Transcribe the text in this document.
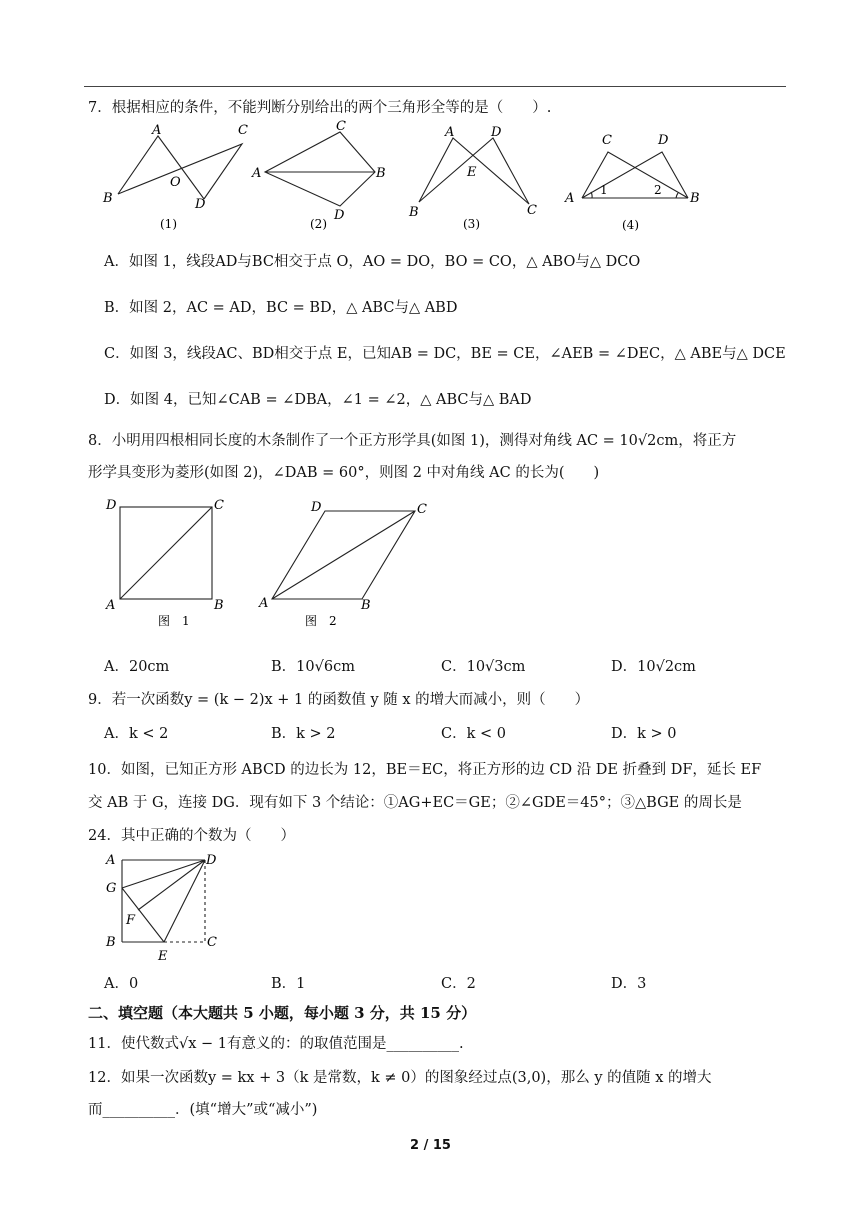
7．根据相应的条件，不能判断分别给出的两个三角形全等的是（　　）.
A
B
C
D
O
(1)
C
A	B
D
(2)
A	D
E
B	C
(3)
C	D
A	B
1	2
(4)
A．如图 1，线段AD与BC相交于点 O，AO = DO，BO = CO，△ ABO与△ DCO
B．如图 2，AC = AD，BC = BD，△ ABC与△ ABD
C．如图 3，线段AC、BD相交于点 E，已知AB = DC，BE = CE，∠AEB = ∠DEC，△ ABE与△ DCE
D．如图 4，已知∠CAB = ∠DBA，∠1 = ∠2，△ ABC与△ BAD
8．小明用四根相同长度的木条制作了一个正方形学具(如图 1)，测得对角线 AC = 10√2cm，将正方
形学具变形为菱形(如图 2)，∠DAB = 60°，则图 2 中对角线 AC 的长为(　　)
D	C
A	B
图　1
D	C
A	B
图　2
A．20cm	B．10√6cm	C．10√3cm	D．10√2cm
9．若一次函数y = (k − 2)x + 1 的函数值 y 随 x 的增大而减小，则（　　）
A．k < 2	B．k > 2	C．k < 0	D．k > 0
10．如图，已知正方形 ABCD 的边长为 12，BE＝EC，将正方形的边 CD 沿 DE 折叠到 DF，延长 EF
交 AB 于 G，连接 DG．现有如下 3 个结论：①AG+EC＝GE；②∠GDE＝45°；③△BGE 的周长是
24．其中正确的个数为（　　）
A	D
G
F
B	C
E
A．0	B．1	C．2	D．3
二、填空题（本大题共 5 小题，每小题 3 分，共 15 分）
11．使代数式√x − 1有意义的：的取值范围是__________.
12．如果一次函数y = kx + 3（k 是常数，k ≠ 0）的图象经过点(3,0)，那么 y 的值随 x 的增大
而__________．(填“增大”或“减小”)
2 / 15
